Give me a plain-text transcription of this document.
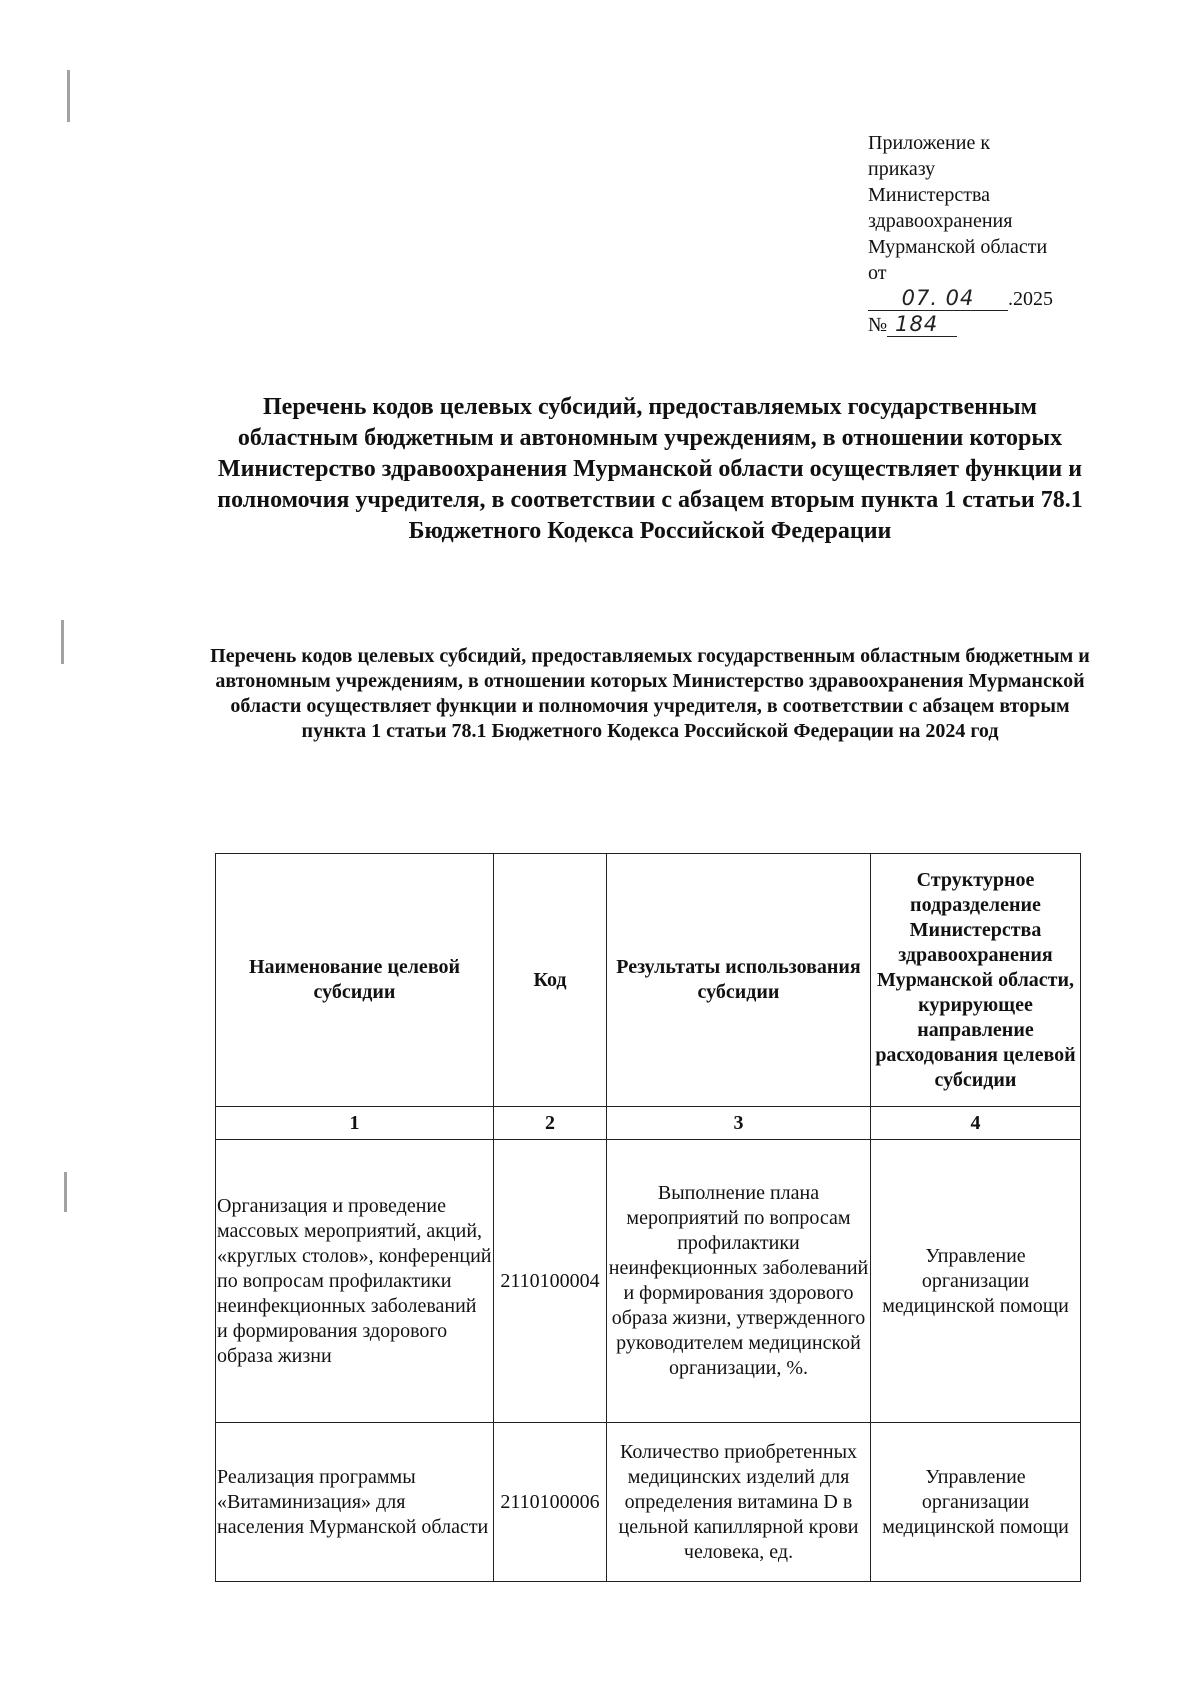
Приложение к
приказу
Министерства
здравоохранения
Мурманской области
от
07. 04 .2025
№ 184
Перечень кодов целевых субсидий, предоставляемых государственным областным бюджетным и автономным учреждениям, в отношении которых Министерство здравоохранения Мурманской области осуществляет функции и полномочия учредителя, в соответствии с абзацем вторым пункта 1 статьи 78.1 Бюджетного Кодекса Российской Федерации
Перечень кодов целевых субсидий, предоставляемых государственным областным бюджетным и автономным учреждениям, в отношении которых Министерство здравоохранения Мурманской области осуществляет функции и полномочия учредителя, в соответствии с абзацем вторым пункта 1 статьи 78.1 Бюджетного Кодекса Российской Федерации на 2024 год
Наименование целевой субсидии	Код	Результаты использования субсидии	Структурное подразделение Министерства здравоохранения Мурманской области, курирующее направление расходования целевой субсидии
1	2	3	4
Организация и проведение массовых мероприятий, акций, «круглых столов», конференций по вопросам профилактики неинфекционных заболеваний и формирования здорового образа жизни	2110100004	Выполнение плана мероприятий по вопросам профилактики неинфекционных заболеваний и формирования здорового образа жизни, утвержденного руководителем медицинской организации, %.	Управление организации медицинской помощи
Реализация программы «Витаминизация» для населения Мурманской области	2110100006	Количество приобретенных медицинских изделий для определения витамина D в цельной капиллярной крови человека, ед.	Управление организации медицинской помощи
